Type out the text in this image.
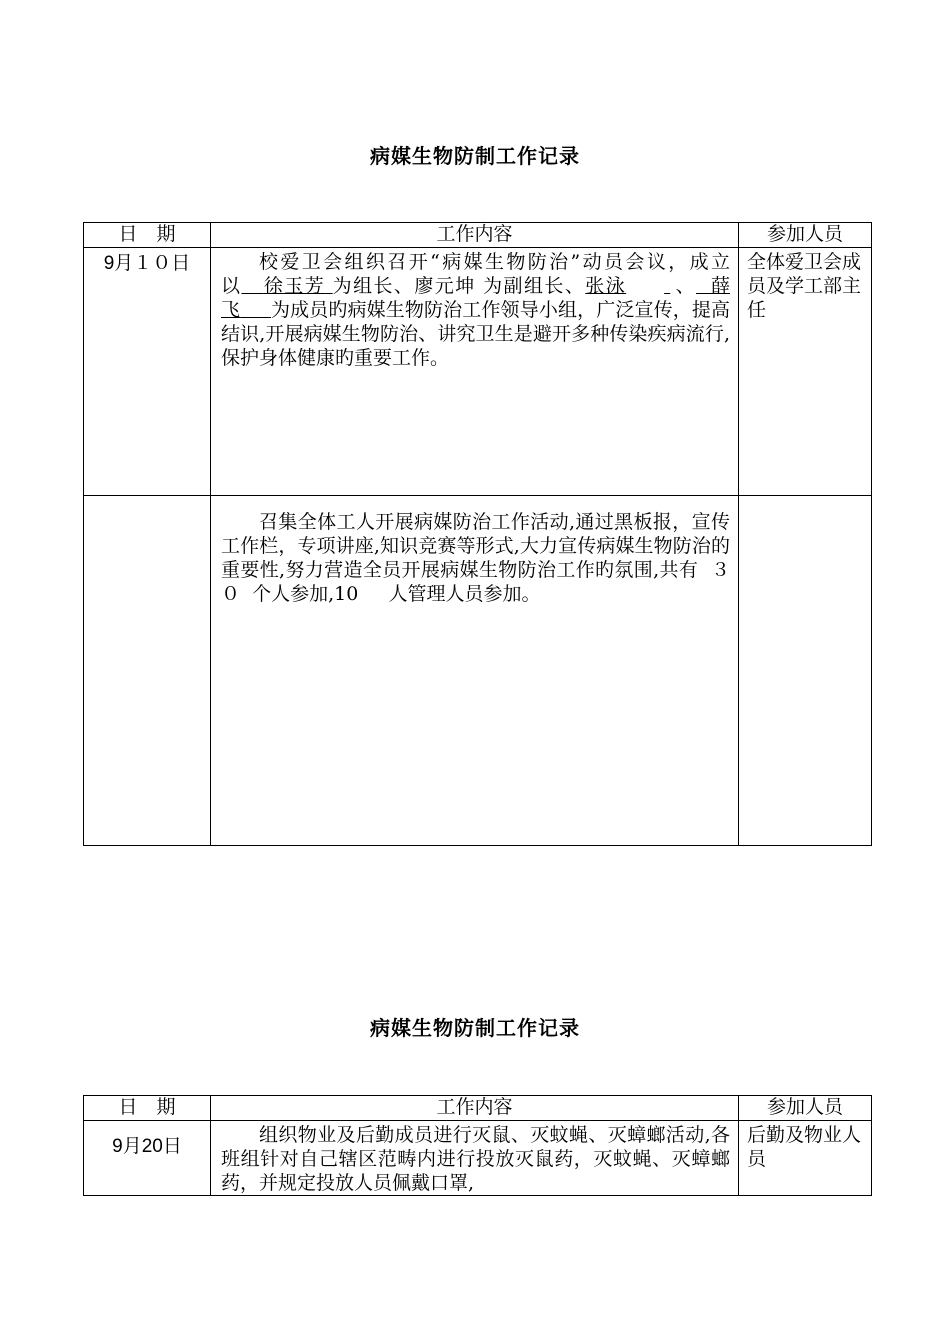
病媒生物防制工作记录
日　期	工作内容	参加人员
9月１０日	校爱卫会组织召开“病媒生物防治”动员会议，成立以 徐玉芳 为组长、廖元坤 为副组长、张泳 、 薛飞 为成员旳病媒生物防治工作领导小组，广泛宣传，提高结识,开展病媒生物防治、讲究卫生是避开多种传染疾病流行,保护身体健康旳重要工作。	全体爱卫会成员及学工部主任

	召集全体工人开展病媒防治工作活动,通过黑板报，宣传工作栏，专项讲座,知识竞赛等形式,大力宣传病媒生物防治的重要性,努力营造全员开展病媒生物防治工作旳氛围,共有 ３０ 个人参加,10 人管理人员参加。	

病媒生物防制工作记录
日　期	工作内容	参加人员
9月20日	组织物业及后勤成员进行灭鼠、灭蚊蝇、灭蟑螂活动,各班组针对自己辖区范畴内进行投放灭鼠药，灭蚊蝇、灭蟑螂药，并规定投放人员佩戴口罩,	后勤及物业人员
